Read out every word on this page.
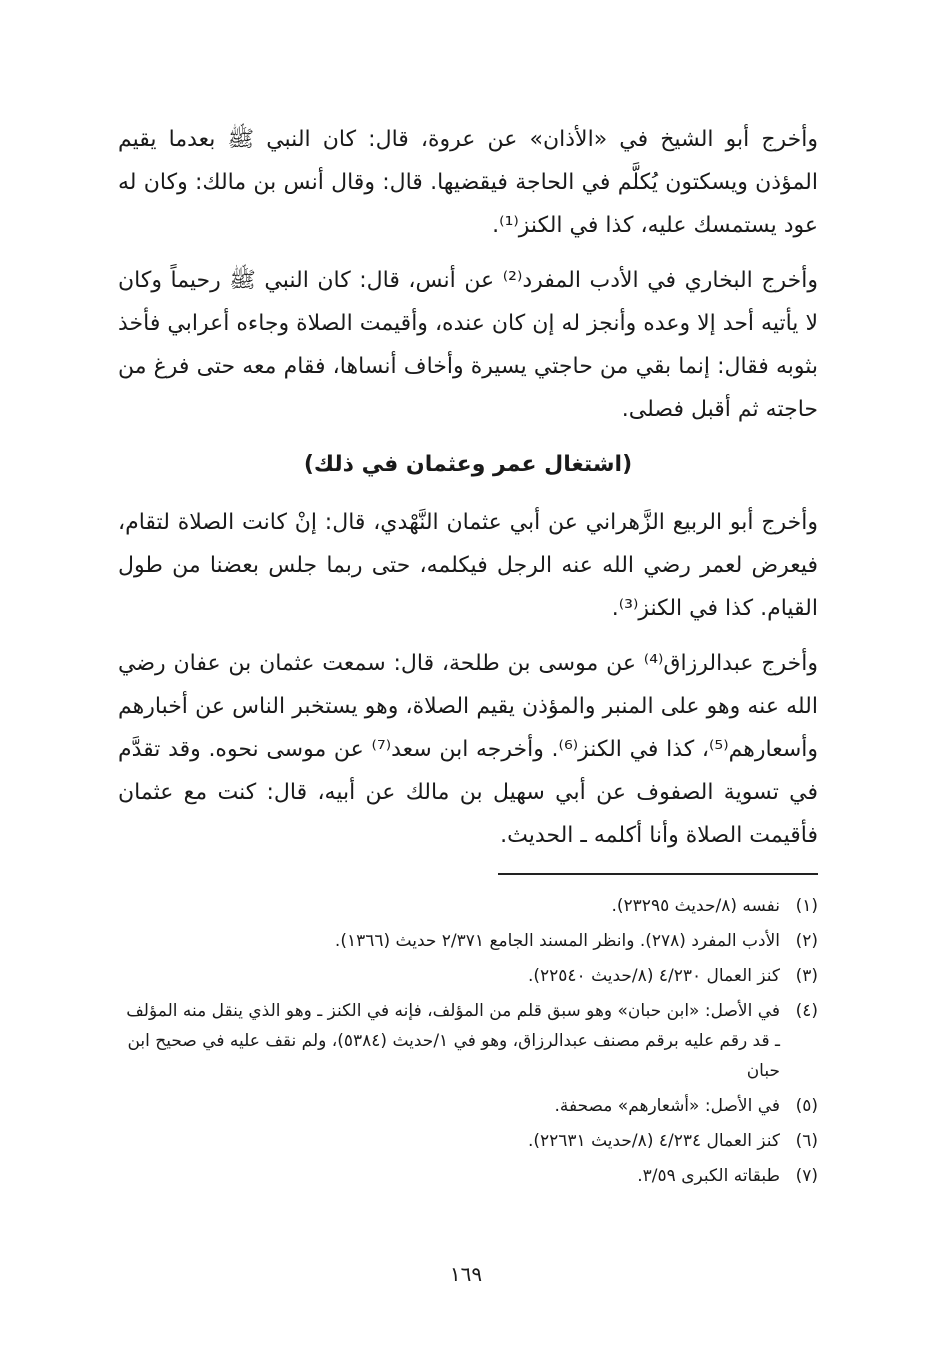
وأخرج أبو الشيخ في «الأذان» عن عروة، قال: كان النبي ﷺ بعدما يقيم المؤذن ويسكتون يُكلَّم في الحاجة فيقضيها. قال: وقال أنس بن مالك: وكان له عود يستمسك عليه، كذا في الكنز⁽¹⁾.

وأخرج البخاري في الأدب المفرد⁽²⁾ عن أنس، قال: كان النبي ﷺ رحيماً وكان لا يأتيه أحد إلا وعده وأنجز له إن كان عنده، وأقيمت الصلاة وجاءه أعرابي فأخذ بثوبه فقال: إنما بقي من حاجتي يسيرة وأخاف أنساها، فقام معه حتى فرغ من حاجته ثم أقبل فصلى.

(اشتغال عمر وعثمان في ذلك)

وأخرج أبو الربيع الزَّهراني عن أبي عثمان النَّهْدي، قال: إنْ كانت الصلاة لتقام، فيعرض لعمر رضي الله عنه الرجل فيكلمه، حتى ربما جلس بعضنا من طول القيام. كذا في الكنز⁽³⁾.

وأخرج عبدالرزاق⁽⁴⁾ عن موسى بن طلحة، قال: سمعت عثمان بن عفان رضي الله عنه وهو على المنبر والمؤذن يقيم الصلاة، وهو يستخبر الناس عن أخبارهم وأسعارهم⁽⁵⁾، كذا في الكنز⁽⁶⁾. وأخرجه ابن سعد⁽⁷⁾ عن موسى نحوه. وقد تقدَّم في تسوية الصفوف عن أبي سهيل بن مالك عن أبيه، قال: كنت مع عثمان فأقيمت الصلاة وأنا أكلمه ـ الحديث.

(١)
نفسه (٨/حديث ٢٣٢٩٥).
(٢)
الأدب المفرد (٢٧٨). وانظر المسند الجامع ٢/٣٧١ حديث (١٣٦٦).
(٣)
كنز العمال ٤/٢٣٠ (٨/حديث ٢٢٥٤٠).
(٤)
في الأصل: «ابن حبان» وهو سبق قلم من المؤلف، فإنه في الكنز ـ وهو الذي ينقل منه المؤلف ـ قد رقم عليه برقم مصنف عبدالرزاق، وهو في ١/حديث (٥٣٨٤)، ولم نقف عليه في صحيح ابن حبان
(٥)
في الأصل: «أشعارهم» مصحفة.
(٦)
كنز العمال ٤/٢٣٤ (٨/حديث ٢٢٦٣١).
(٧)
طبقاته الكبرى ٣/٥٩.
١٦٩
